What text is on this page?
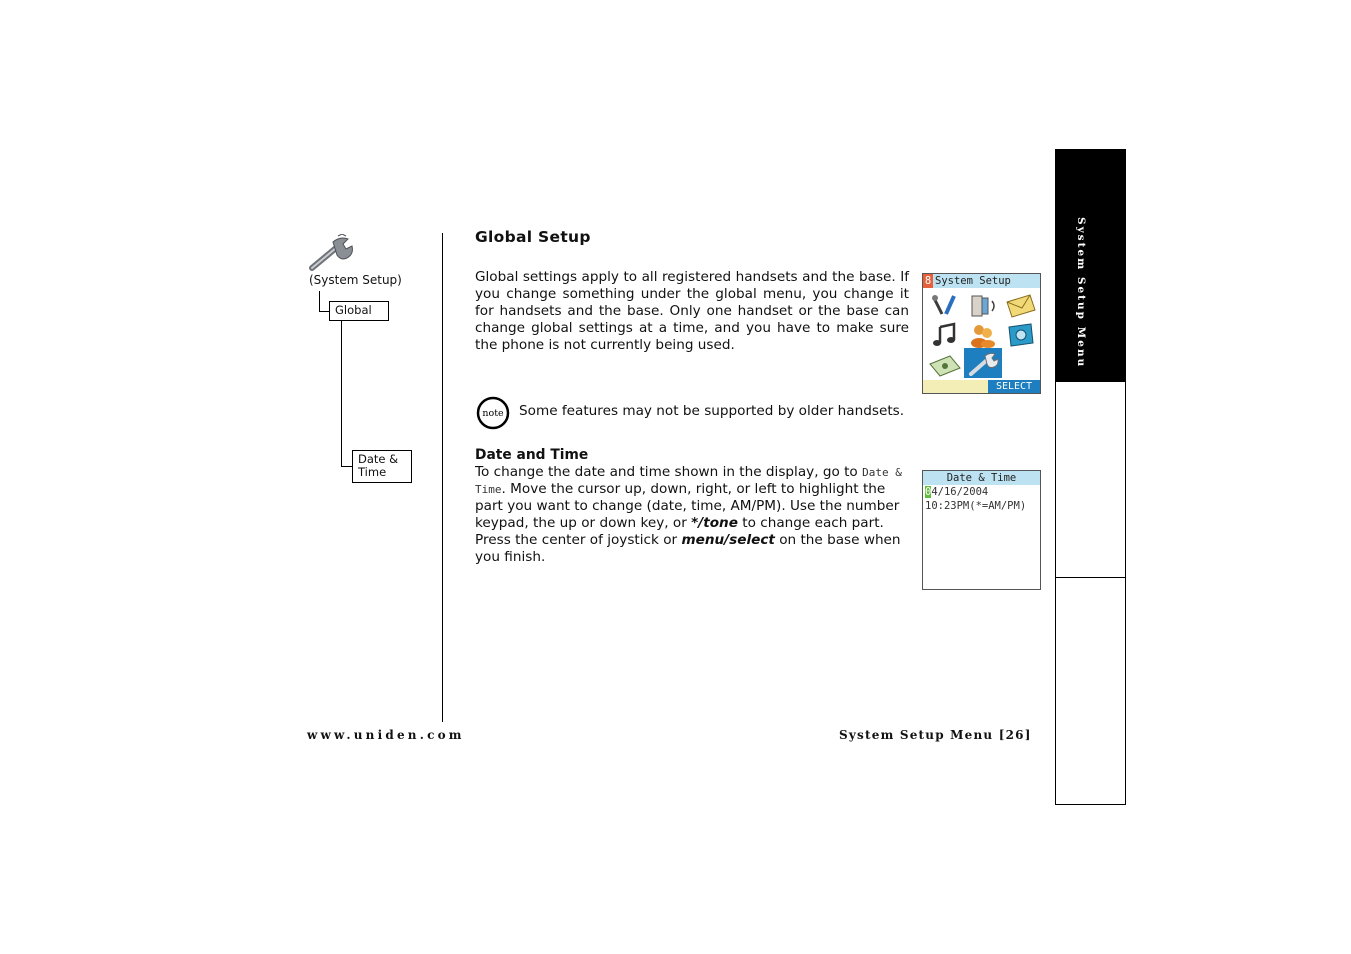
(System Setup)
Global
Date &
Time
Global Setup
Global settings apply to all registered handsets and the base. If you change something under the global menu, you change it for handsets and the base. Only one handset or the base can change global settings at a time, and you have to make sure the phone is not currently being used.
note Some features may not be supported by older handsets.
Date and Time
To change the date and time shown in the display, go to Date & Time. Move the cursor up, down, right, or left to highlight the part you want to change (date, time, AM/PM). Use the number keypad, the up or down key, or */tone to change each part. Press the center of joystick or menu/select on the base when you finish.
8 System Setup
SELECT
Date & Time
04/16/2004
10:23PM(*=AM/PM)
System Setup Menu
www.uniden.com	System Setup Menu [26]
